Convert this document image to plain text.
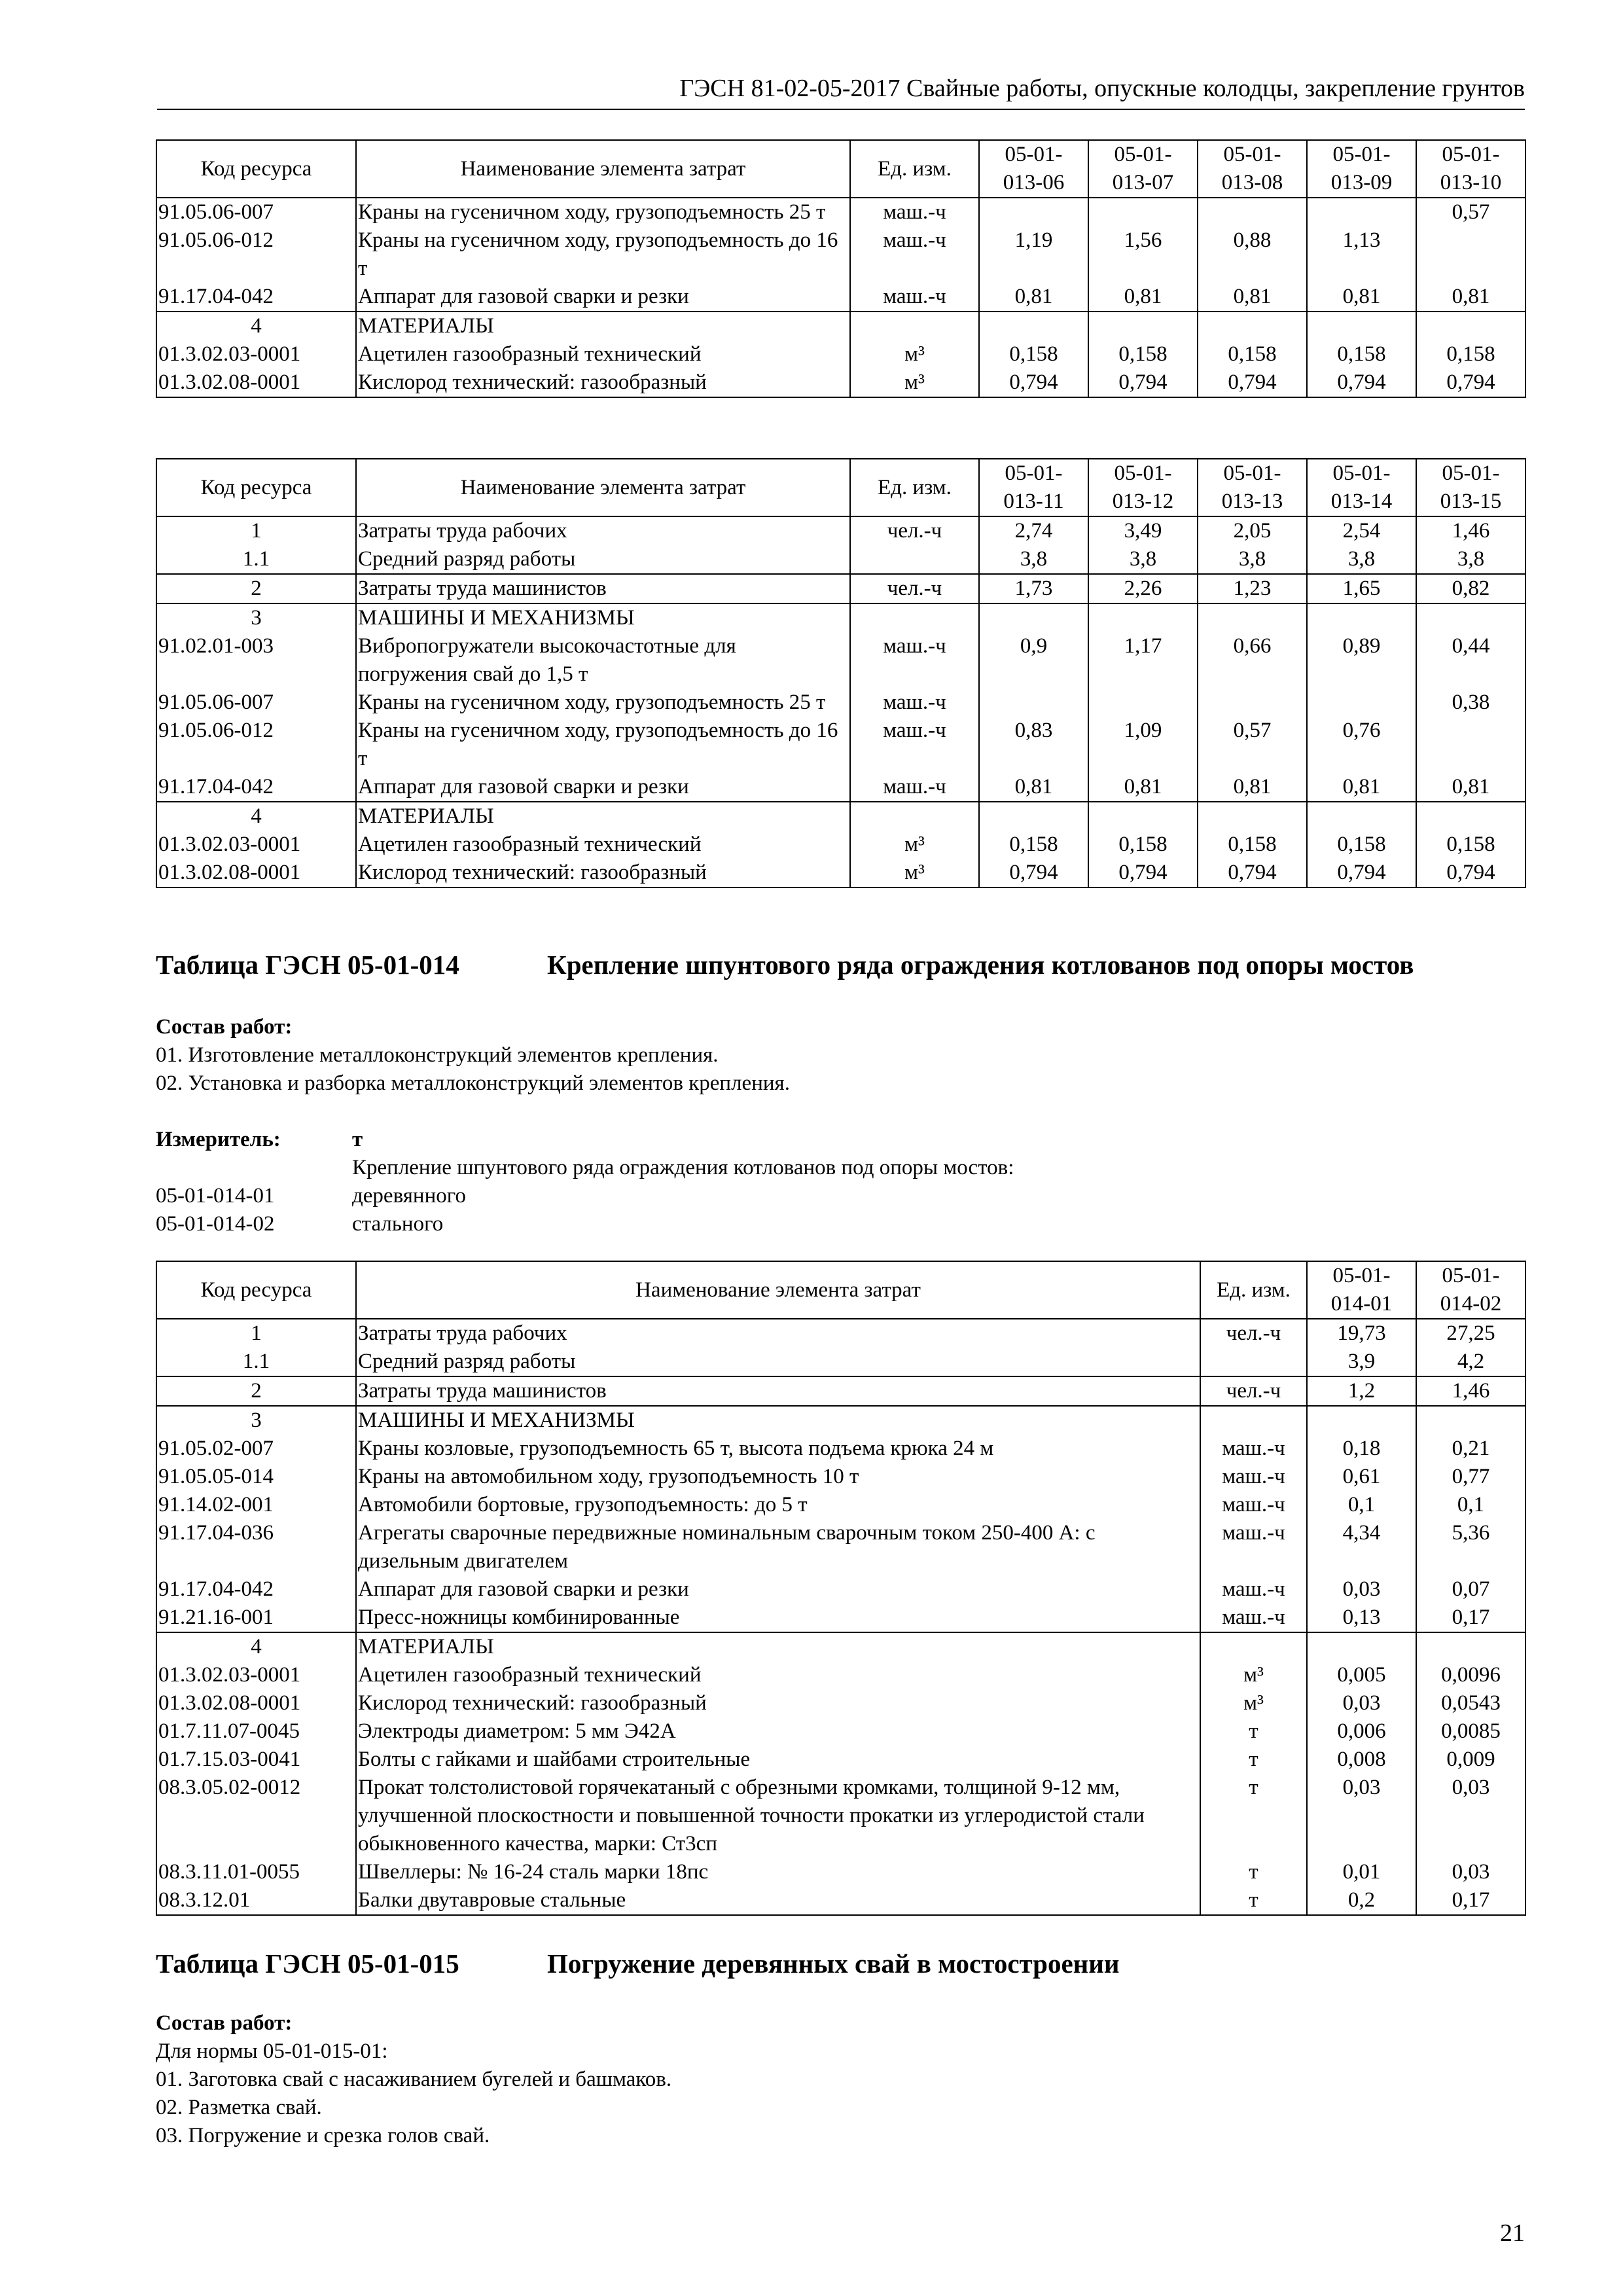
ГЭСН 81-02-05-2017 Свайные работы, опускные колодцы, закрепление грунтов
Код ресурса	Наименование элемента затрат	Ед. изм.	05-01-
013-06	05-01-
013-07	05-01-
013-08	05-01-
013-09	05-01-
013-10
91.05.06-007	Краны на гусеничном ходу, грузоподъемность 25 т	маш.-ч					0,57
91.05.06-012	Краны на гусеничном ходу, грузоподъемность до 16 т	маш.-ч	1,19	1,56	0,88	1,13	
91.17.04-042	Аппарат для газовой сварки и резки	маш.-ч	0,81	0,81	0,81	0,81	0,81
4	МАТЕРИАЛЫ						
01.3.02.03-0001	Ацетилен газообразный технический	м³	0,158	0,158	0,158	0,158	0,158
01.3.02.08-0001	Кислород технический: газообразный	м³	0,794	0,794	0,794	0,794	0,794
Код ресурса	Наименование элемента затрат	Ед. изм.	05-01-
013-11	05-01-
013-12	05-01-
013-13	05-01-
013-14	05-01-
013-15
1	Затраты труда рабочих	чел.-ч	2,74	3,49	2,05	2,54	1,46
1.1	Средний разряд работы		3,8	3,8	3,8	3,8	3,8
2	Затраты труда машинистов	чел.-ч	1,73	2,26	1,23	1,65	0,82
3	МАШИНЫ И МЕХАНИЗМЫ						
91.02.01-003	Вибропогружатели высокочастотные для погружения свай до 1,5 т	маш.-ч	0,9	1,17	0,66	0,89	0,44
91.05.06-007	Краны на гусеничном ходу, грузоподъемность 25 т	маш.-ч					0,38
91.05.06-012	Краны на гусеничном ходу, грузоподъемность до 16 т	маш.-ч	0,83	1,09	0,57	0,76	
91.17.04-042	Аппарат для газовой сварки и резки	маш.-ч	0,81	0,81	0,81	0,81	0,81
4	МАТЕРИАЛЫ						
01.3.02.03-0001	Ацетилен газообразный технический	м³	0,158	0,158	0,158	0,158	0,158
01.3.02.08-0001	Кислород технический: газообразный	м³	0,794	0,794	0,794	0,794	0,794
Таблица ГЭСН 05-01-014	Крепление шпунтового ряда ограждения котлованов под опоры мостов
Состав работ:
01. Изготовление металлоконструкций элементов крепления.
02. Установка и разборка металлоконструкций элементов крепления.
Измеритель:	т
Крепление шпунтового ряда ограждения котлованов под опоры мостов:
05-01-014-01	деревянного
05-01-014-02	стального
Код ресурса	Наименование элемента затрат	Ед. изм.	05-01-
014-01	05-01-
014-02
1	Затраты труда рабочих	чел.-ч	19,73	27,25
1.1	Средний разряд работы		3,9	4,2
2	Затраты труда машинистов	чел.-ч	1,2	1,46
3	МАШИНЫ И МЕХАНИЗМЫ			
91.05.02-007	Краны козловые, грузоподъемность 65 т, высота подъема крюка 24 м	маш.-ч	0,18	0,21
91.05.05-014	Краны на автомобильном ходу, грузоподъемность 10 т	маш.-ч	0,61	0,77
91.14.02-001	Автомобили бортовые, грузоподъемность: до 5 т	маш.-ч	0,1	0,1
91.17.04-036	Агрегаты сварочные передвижные номинальным сварочным током 250-400 А: с дизельным двигателем	маш.-ч	4,34	5,36
91.17.04-042	Аппарат для газовой сварки и резки	маш.-ч	0,03	0,07
91.21.16-001	Пресс-ножницы комбинированные	маш.-ч	0,13	0,17
4	МАТЕРИАЛЫ			
01.3.02.03-0001	Ацетилен газообразный технический	м³	0,005	0,0096
01.3.02.08-0001	Кислород технический: газообразный	м³	0,03	0,0543
01.7.11.07-0045	Электроды диаметром: 5 мм Э42А	т	0,006	0,0085
01.7.15.03-0041	Болты с гайками и шайбами строительные	т	0,008	0,009
08.3.05.02-0012	Прокат толстолистовой горячекатаный с обрезными кромками, толщиной 9-12 мм, улучшенной плоскостности и повышенной точности прокатки из углеродистой стали обыкновенного качества, марки: Ст3сп	т	0,03	0,03
08.3.11.01-0055	Швеллеры: № 16-24 сталь марки 18пс	т	0,01	0,03
08.3.12.01	Балки двутавровые стальные	т	0,2	0,17
Таблица ГЭСН 05-01-015	Погружение деревянных свай в мостостроении
Состав работ:
Для нормы 05-01-015-01:
01. Заготовка свай с насаживанием бугелей и башмаков.
02. Разметка свай.
03. Погружение и срезка голов свай.
21
